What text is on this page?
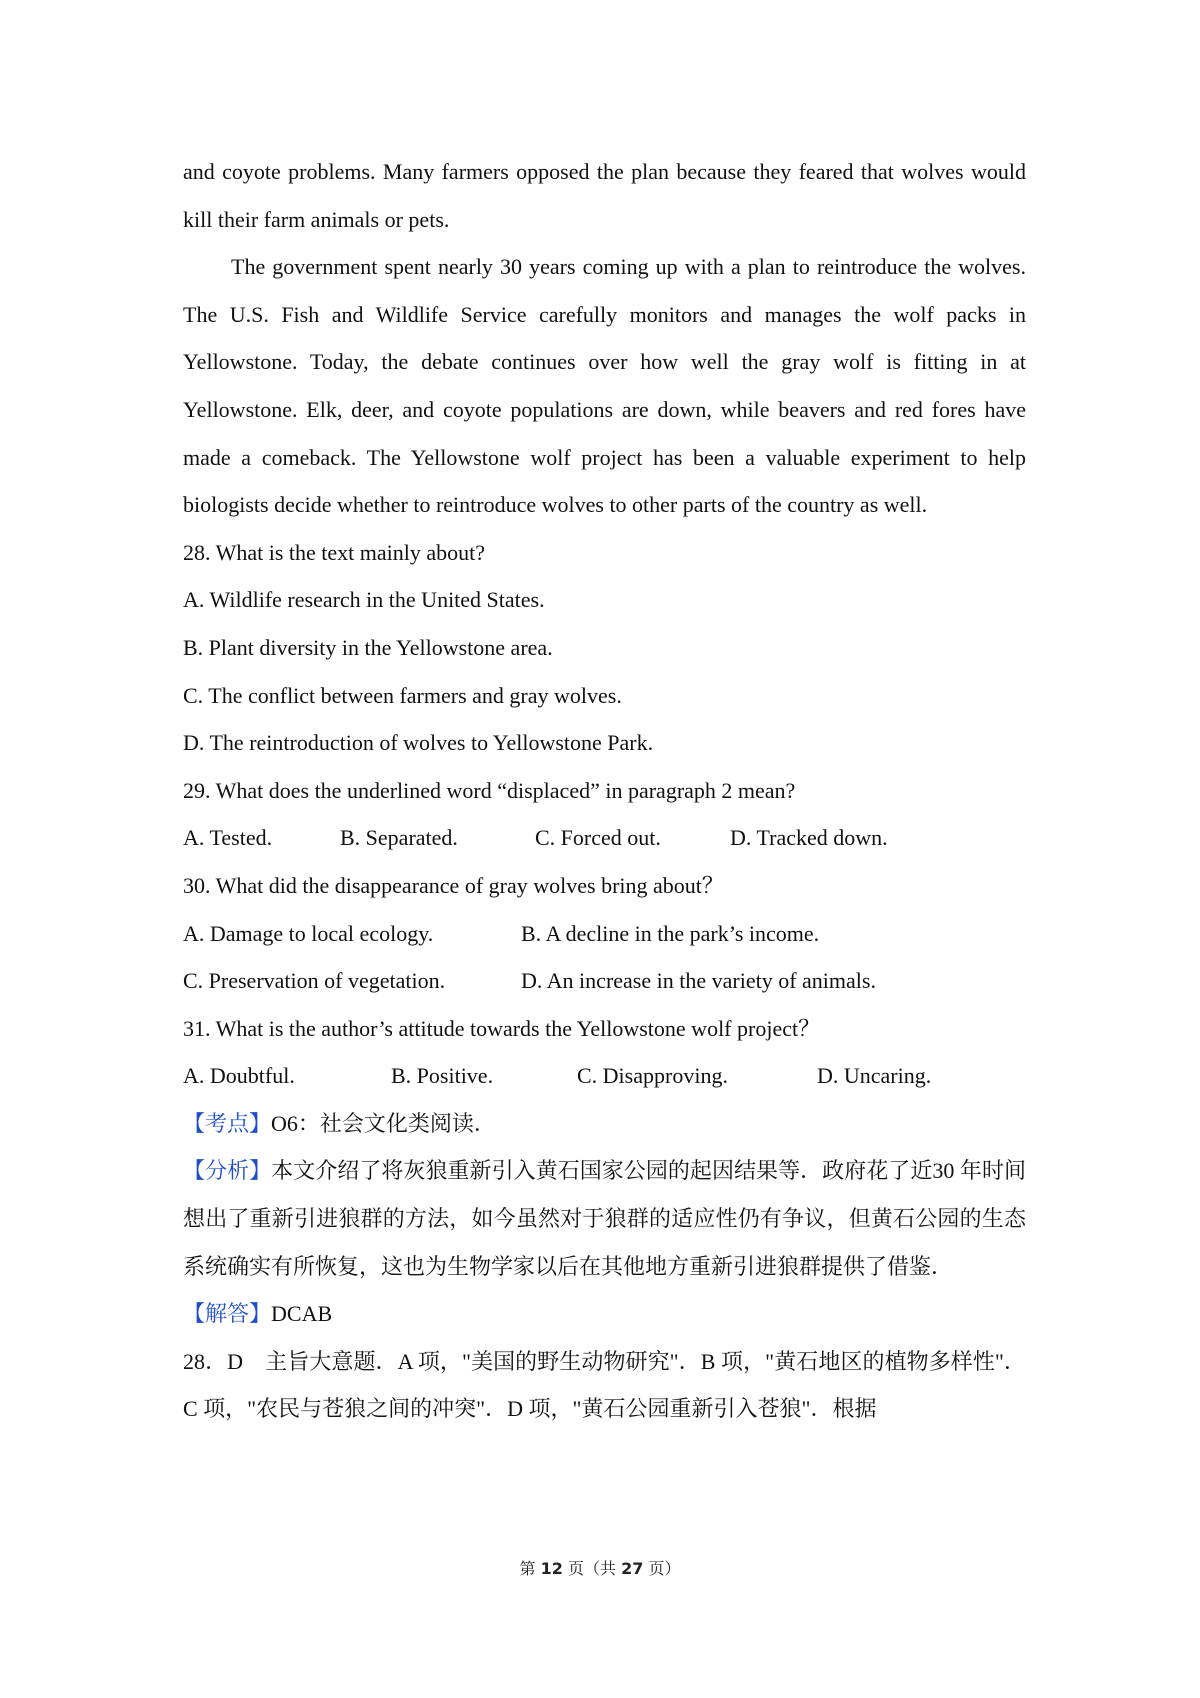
and coyote problems. Many farmers opposed the plan because they feared that wolves would kill their farm animals or pets.

The government spent nearly 30 years coming up with a plan to reintroduce the wolves. The U.S. Fish and Wildlife Service carefully monitors and manages the wolf packs in Yellowstone. Today, the debate continues over how well the gray wolf is fitting in at Yellowstone. Elk, deer, and coyote populations are down, while beavers and red fores have made a comeback. The Yellowstone wolf project has been a valuable experiment to help biologists decide whether to reintroduce wolves to other parts of the country as well.

28. What is the text mainly about?

A. Wildlife research in the United States.

B. Plant diversity in the Yellowstone area.

C. The conflict between farmers and gray wolves.

D. The reintroduction of wolves to Yellowstone Park.

29. What does the underlined word “displaced” in paragraph 2 mean?

A. Tested.	B. Separated.	C. Forced out.	D. Tracked down.

30. What did the disappearance of gray wolves bring about？

A. Damage to local ecology.	B. A decline in the park’s income.
C. Preservation of vegetation.	D. An increase in the variety of animals.

31. What is the author’s attitude towards the Yellowstone wolf project？

A. Doubtful.	B. Positive.	C. Disapproving.	D. Uncaring.

【考点】O6：社会文化类阅读．

【分析】本文介绍了将灰狼重新引入黄石国家公园的起因结果等．政府花了近30 年时间想出了重新引进狼群的方法，如今虽然对于狼群的适应性仍有争议，但黄石公园的生态系统确实有所恢复，这也为生物学家以后在其他地方重新引进狼群提供了借鉴．

【解答】DCAB

28．D　主旨大意题．A 项，"美国的野生动物研究"．B 项，"黄石地区的植物多样性"．C 项，"农民与苍狼之间的冲突"．D 项，"黄石公园重新引入苍狼"．根据

第 12 页（共 27 页）
